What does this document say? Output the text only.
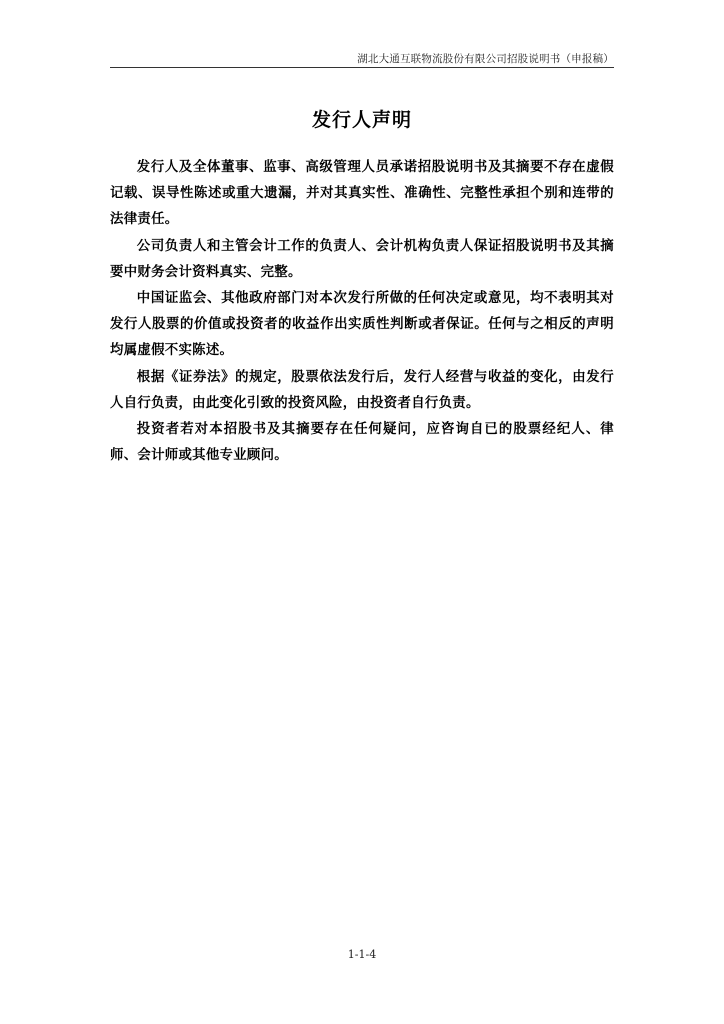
湖北大通互联物流股份有限公司招股说明书（申报稿）
发行人声明

发行人及全体董事、监事、高级管理人员承诺招股说明书及其摘要不存在虚假记载、误导性陈述或重大遗漏，并对其真实性、准确性、完整性承担个别和连带的法律责任。

公司负责人和主管会计工作的负责人、会计机构负责人保证招股说明书及其摘要中财务会计资料真实、完整。

中国证监会、其他政府部门对本次发行所做的任何决定或意见，均不表明其对发行人股票的价值或投资者的收益作出实质性判断或者保证。任何与之相反的声明均属虚假不实陈述。

根据《证券法》的规定，股票依法发行后，发行人经营与收益的变化，由发行人自行负责，由此变化引致的投资风险，由投资者自行负责。

投资者若对本招股书及其摘要存在任何疑问，应咨询自已的股票经纪人、律师、会计师或其他专业顾问。

1-1-4
